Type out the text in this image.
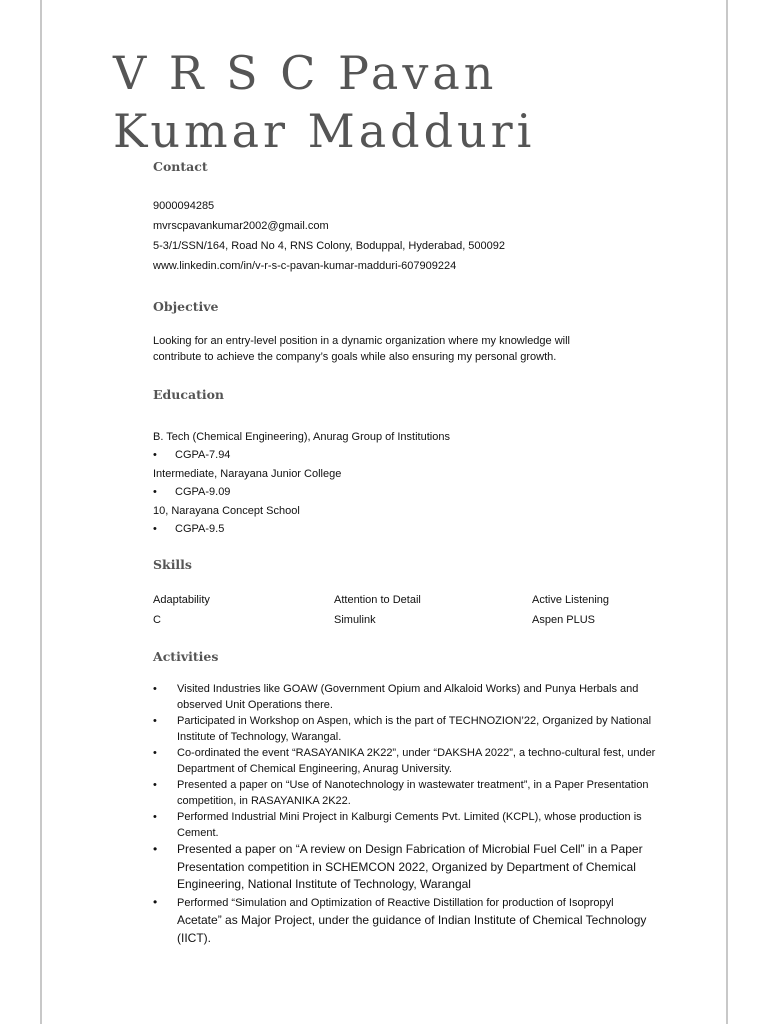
V R S C Pavan
Kumar Madduri
Contact
9000094285
mvrscpavankumar2002@gmail.com
5-3/1/SSN/164, Road No 4, RNS Colony, Boduppal, Hyderabad, 500092
www.linkedin.com/in/v-r-s-c-pavan-kumar-madduri-607909224
Objective
Looking for an entry-level position in a dynamic organization where my knowledge will
contribute to achieve the company’s goals while also ensuring my personal growth.
Education
B. Tech (Chemical Engineering), Anurag Group of Institutions
• CGPA-7.94
Intermediate, Narayana Junior College
• CGPA-9.09
10, Narayana Concept School
• CGPA-9.5
Skills
Adaptability	Attention to Detail	Active Listening
C	Simulink	Aspen PLUS
Activities
• Visited Industries like GOAW (Government Opium and Alkaloid Works) and Punya Herbals and
observed Unit Operations there.
• Participated in Workshop on Aspen, which is the part of TECHNOZION’22, Organized by National
Institute of Technology, Warangal.
• Co-ordinated the event “RASAYANIKA 2K22”, under “DAKSHA 2022”, a techno-cultural fest, under
Department of Chemical Engineering, Anurag University.
• Presented a paper on “Use of Nanotechnology in wastewater treatment”, in a Paper Presentation
competition, in RASAYANIKA 2K22.
• Performed Industrial Mini Project in Kalburgi Cements Pvt. Limited (KCPL), whose production is
Cement.
• Presented a paper on “A review on Design Fabrication of Microbial Fuel Cell” in a Paper
Presentation competition in SCHEMCON 2022, Organized by Department of Chemical
Engineering, National Institute of Technology, Warangal
• Performed “Simulation and Optimization of Reactive Distillation for production of Isopropyl
Acetate” as Major Project, under the guidance of Indian Institute of Chemical Technology
(IICT).
